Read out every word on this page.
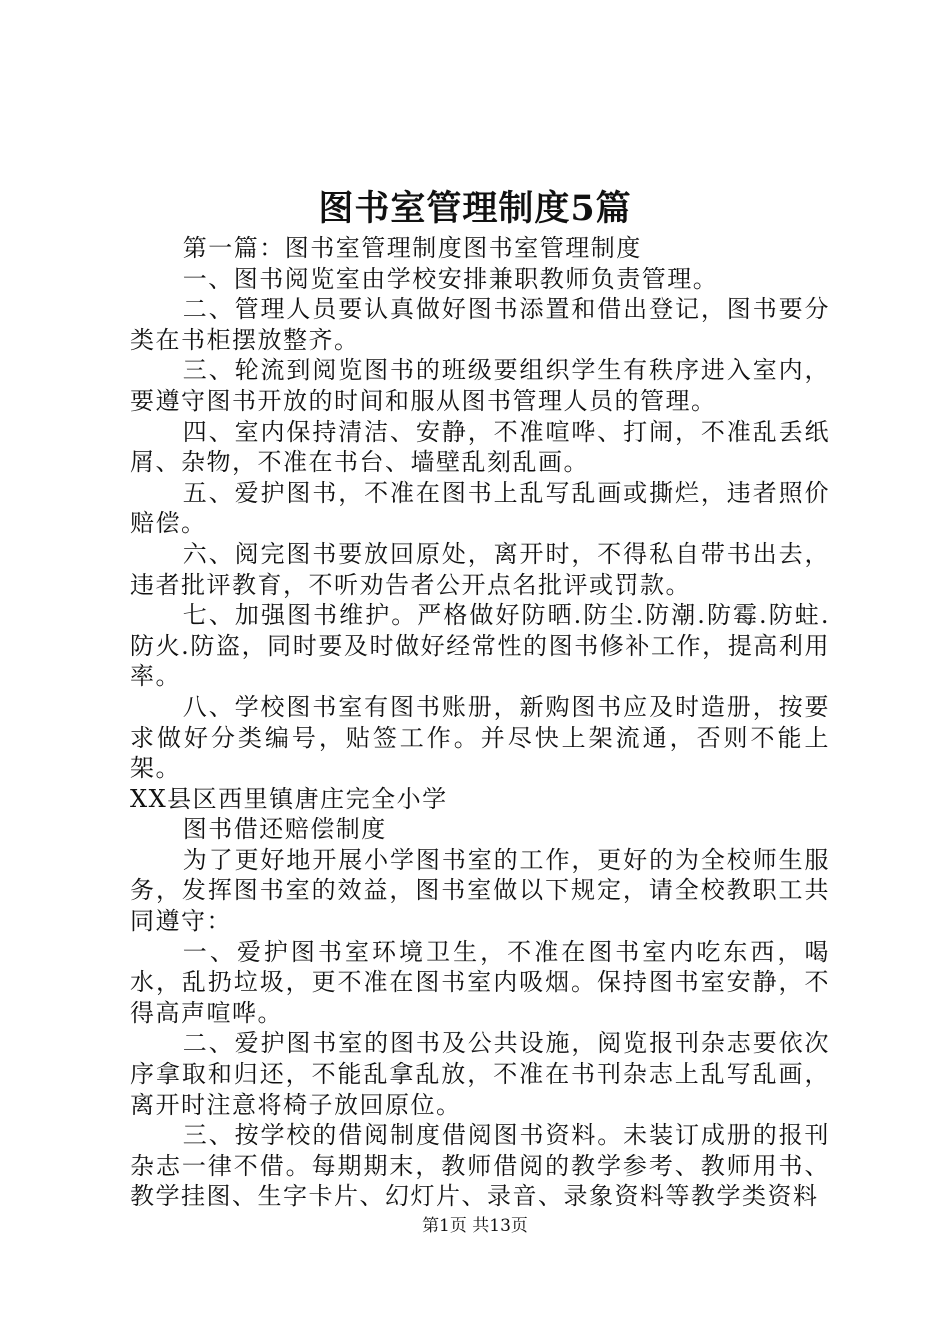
图书室管理制度5篇

第一篇：图书室管理制度图书室管理制度

一、图书阅览室由学校安排兼职教师负责管理。

二、管理人员要认真做好图书添置和借出登记，图书要分类在书柜摆放整齐。

三、轮流到阅览图书的班级要组织学生有秩序进入室内，要遵守图书开放的时间和服从图书管理人员的管理。

四、室内保持清洁、安静，不准喧哗、打闹，不准乱丢纸屑、杂物，不准在书台、墙壁乱刻乱画。

五、爱护图书，不准在图书上乱写乱画或撕烂，违者照价赔偿。

六、阅完图书要放回原处，离开时，不得私自带书出去，违者批评教育，不听劝告者公开点名批评或罚款。

七、加强图书维护。严格做好防晒.防尘.防潮.防霉.防蛀.防火.防盗，同时要及时做好经常性的图书修补工作，提高利用率。

八、学校图书室有图书账册，新购图书应及时造册，按要求做好分类编号，贴签工作。并尽快上架流通，否则不能上架。

XX县区西里镇唐庄完全小学

图书借还赔偿制度

为了更好地开展小学图书室的工作，更好的为全校师生服务，发挥图书室的效益，图书室做以下规定，请全校教职工共同遵守：

一、爱护图书室环境卫生，不准在图书室内吃东西，喝水，乱扔垃圾，更不准在图书室内吸烟。保持图书室安静，不得高声喧哗。

二、爱护图书室的图书及公共设施，阅览报刊杂志要依次序拿取和归还，不能乱拿乱放，不准在书刊杂志上乱写乱画，离开时注意将椅子放回原位。

三、按学校的借阅制度借阅图书资料。未装订成册的报刊杂志一律不借。每期期末，教师借阅的教学参考、教师用书、教学挂图、生字卡片、幻灯片、录音、录象资料等教学类资料

第1页 共13页
